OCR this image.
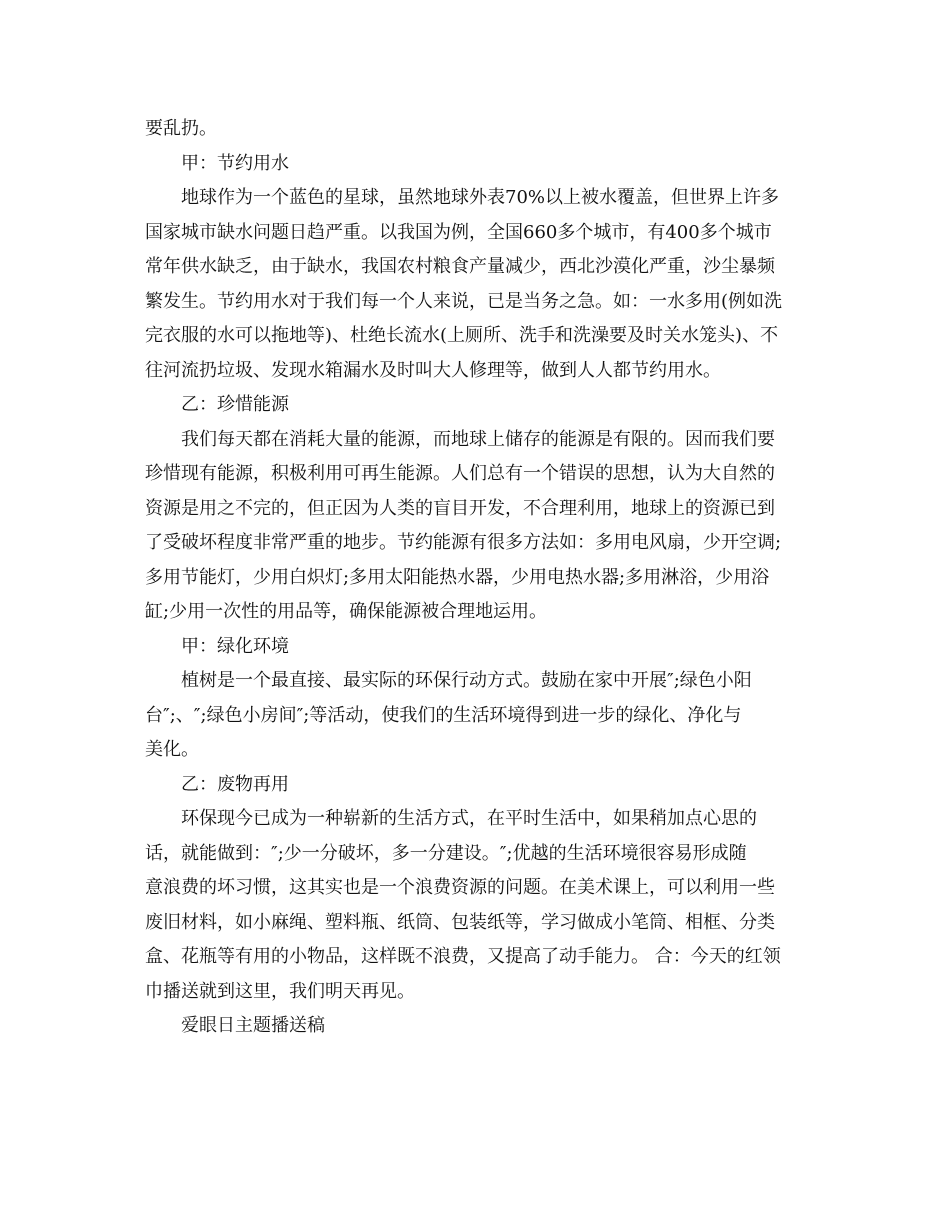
要乱扔。

甲：节约用水

地球作为一个蓝色的星球，虽然地球外表70%以上被水覆盖，但世界上许多

国家城市缺水问题日趋严重。以我国为例，全国660多个城市，有400多个城市

常年供水缺乏，由于缺水，我国农村粮食产量减少，西北沙漠化严重，沙尘暴频

繁发生。节约用水对于我们每一个人来说，已是当务之急。如：一水多用(例如洗

完衣服的水可以拖地等)、杜绝长流水(上厕所、洗手和洗澡要及时关水笼头)、不

往河流扔垃圾、发现水箱漏水及时叫大人修理等，做到人人都节约用水。

乙：珍惜能源

我们每天都在消耗大量的能源，而地球上储存的能源是有限的。因而我们要

珍惜现有能源，积极利用可再生能源。人们总有一个错误的思想，认为大自然的

资源是用之不完的，但正因为人类的盲目开发，不合理利用，地球上的资源已到

了受破坏程度非常严重的地步。节约能源有很多方法如：多用电风扇，少开空调;

多用节能灯，少用白炽灯;多用太阳能热水器，少用电热水器;多用淋浴，少用浴

缸;少用一次性的用品等，确保能源被合理地运用。

甲：绿化环境

植树是一个最直接、最实际的环保行动方式。鼓励在家中开展″;绿色小阳

台″;、″;绿色小房间″;等活动，使我们的生活环境得到进一步的绿化、净化与

美化。

乙：废物再用

环保现今已成为一种崭新的生活方式，在平时生活中，如果稍加点心思的

话，就能做到：″;少一分破坏，多一分建设。″;优越的生活环境很容易形成随

意浪费的坏习惯，这其实也是一个浪费资源的问题。在美术课上，可以利用一些

废旧材料，如小麻绳、塑料瓶、纸筒、包装纸等，学习做成小笔筒、相框、分类

盒、花瓶等有用的小物品，这样既不浪费，又提高了动手能力。 合：今天的红领

巾播送就到这里，我们明天再见。

爱眼日主题播送稿
